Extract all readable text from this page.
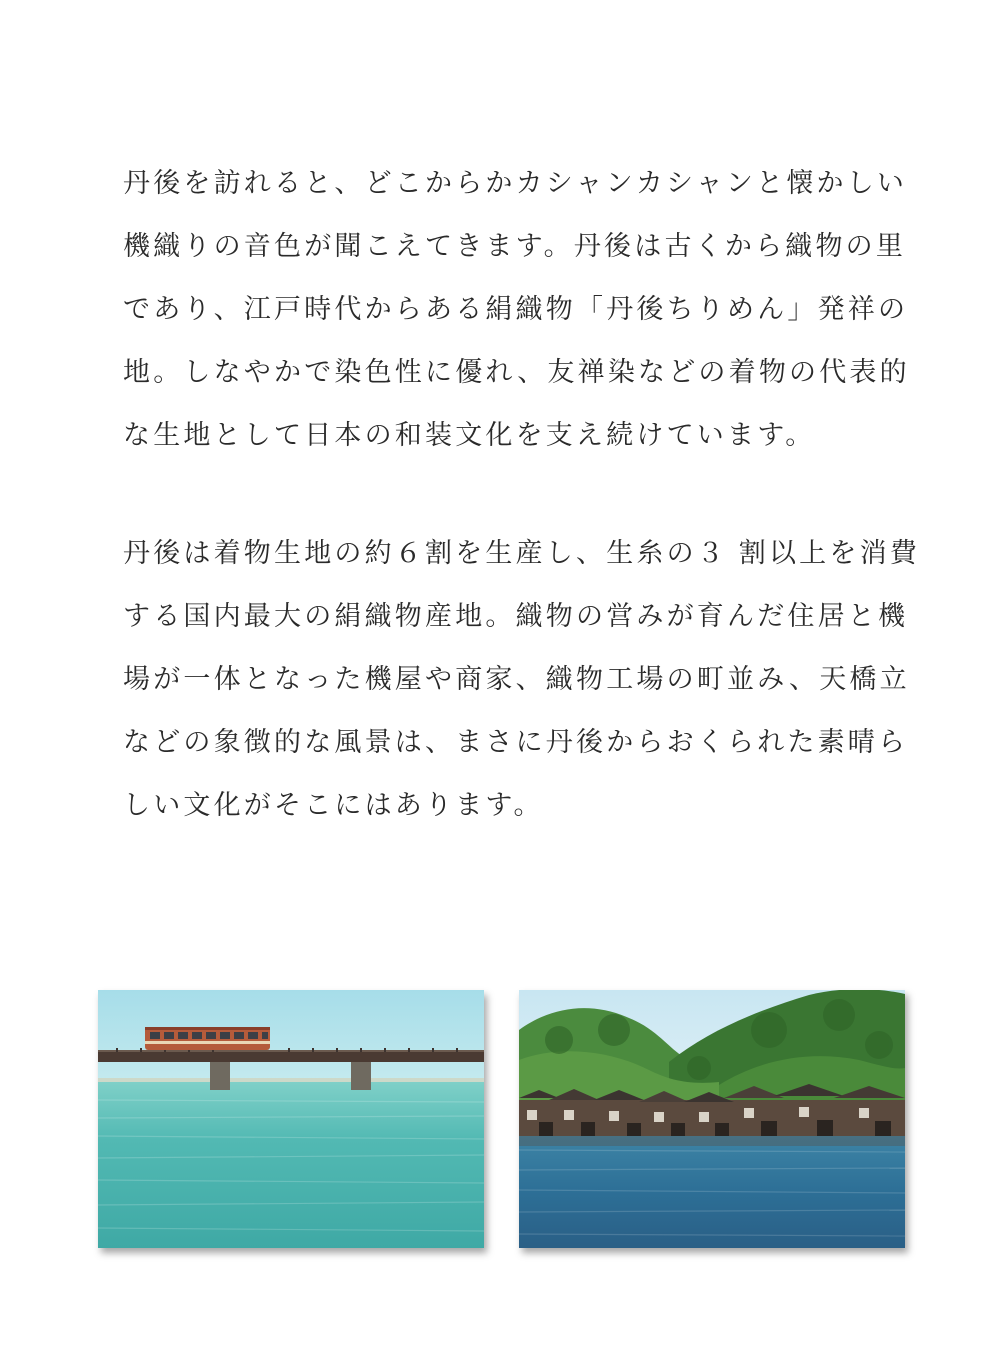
丹後を訪れると、どこからかカシャンカシャンと懐かしい
機織りの音色が聞こえてきます。丹後は古くから織物の里
であり、江戸時代からある絹織物「丹後ちりめん」発祥の
地。しなやかで染色性に優れ、友禅染などの着物の代表的
な生地として日本の和装文化を支え続けています。
丹後は着物生地の約６割を生産し、生糸の３ 割以上を消費
する国内最大の絹織物産地。織物の営みが育んだ住居と機
場が一体となった機屋や商家、織物工場の町並み、天橋立
などの象徴的な風景は、まさに丹後からおくられた素晴ら
しい文化がそこにはあります。
